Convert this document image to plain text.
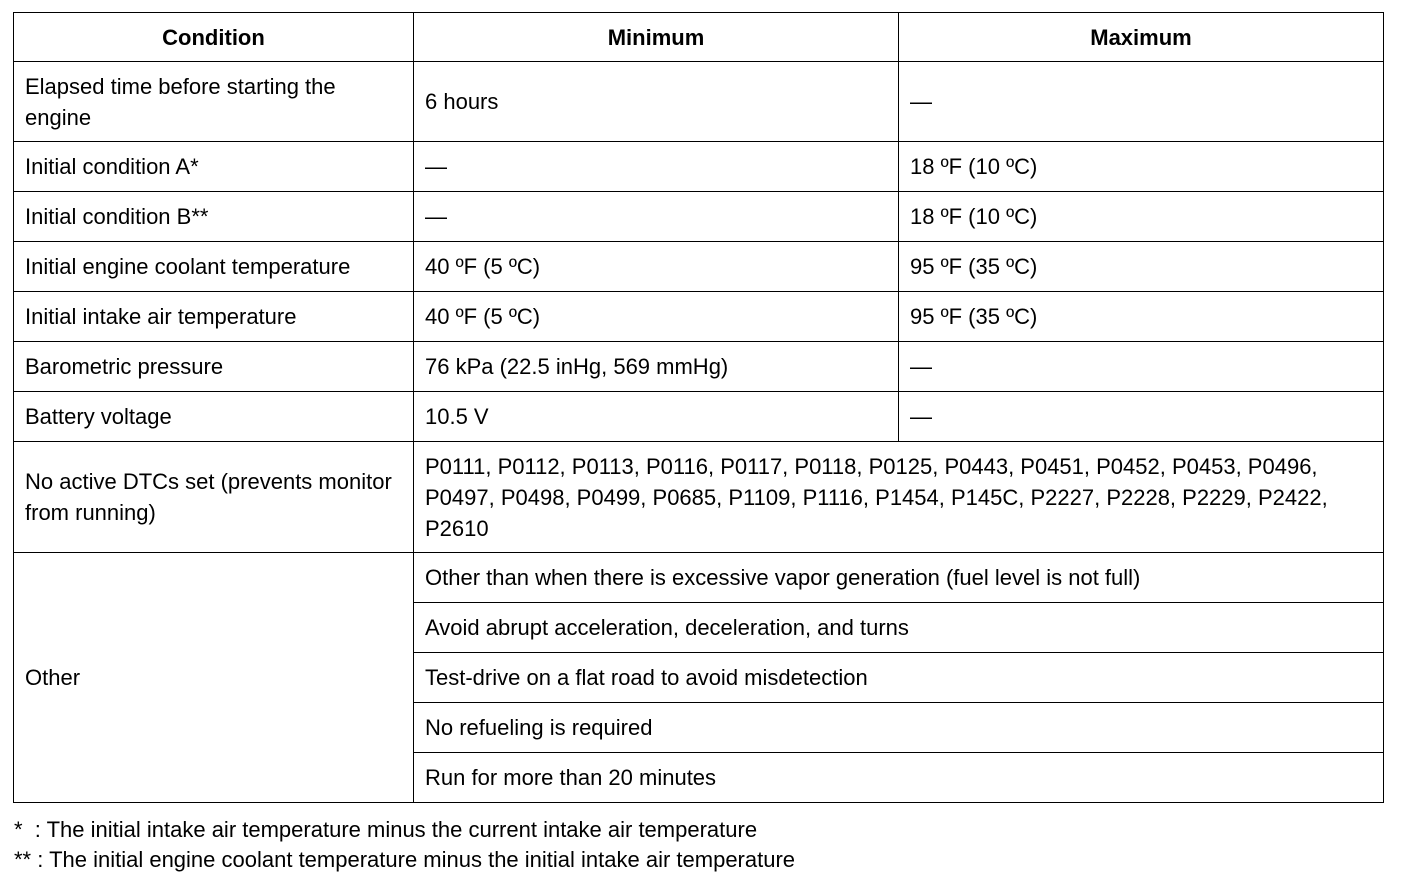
Condition	Minimum	Maximum
Elapsed time before starting the engine	6 hours	—
Initial condition A*	—	18 ºF (10 ºC)
Initial condition B**	—	18 ºF (10 ºC)
Initial engine coolant temperature	40 ºF (5 ºC)	95 ºF (35 ºC)
Initial intake air temperature	40 ºF (5 ºC)	95 ºF (35 ºC)
Barometric pressure	76 kPa (22.5 inHg, 569 mmHg)	—
Battery voltage	10.5 V	—
No active DTCs set (prevents monitor from running)	P0111, P0112, P0113, P0116, P0117, P0118, P0125, P0443, P0451, P0452, P0453, P0496, P0497, P0498, P0499, P0685, P1109, P1116, P1454, P145C, P2227, P2228, P2229, P2422, P2610	
Other	Other than when there is excessive vapor generation (fuel level is not full)	
	Avoid abrupt acceleration, deceleration, and turns	
	Test-drive on a flat road to avoid misdetection	
	No refueling is required	
	Run for more than 20 minutes	
*  : The initial intake air temperature minus the current intake air temperature
** : The initial engine coolant temperature minus the initial intake air temperature
